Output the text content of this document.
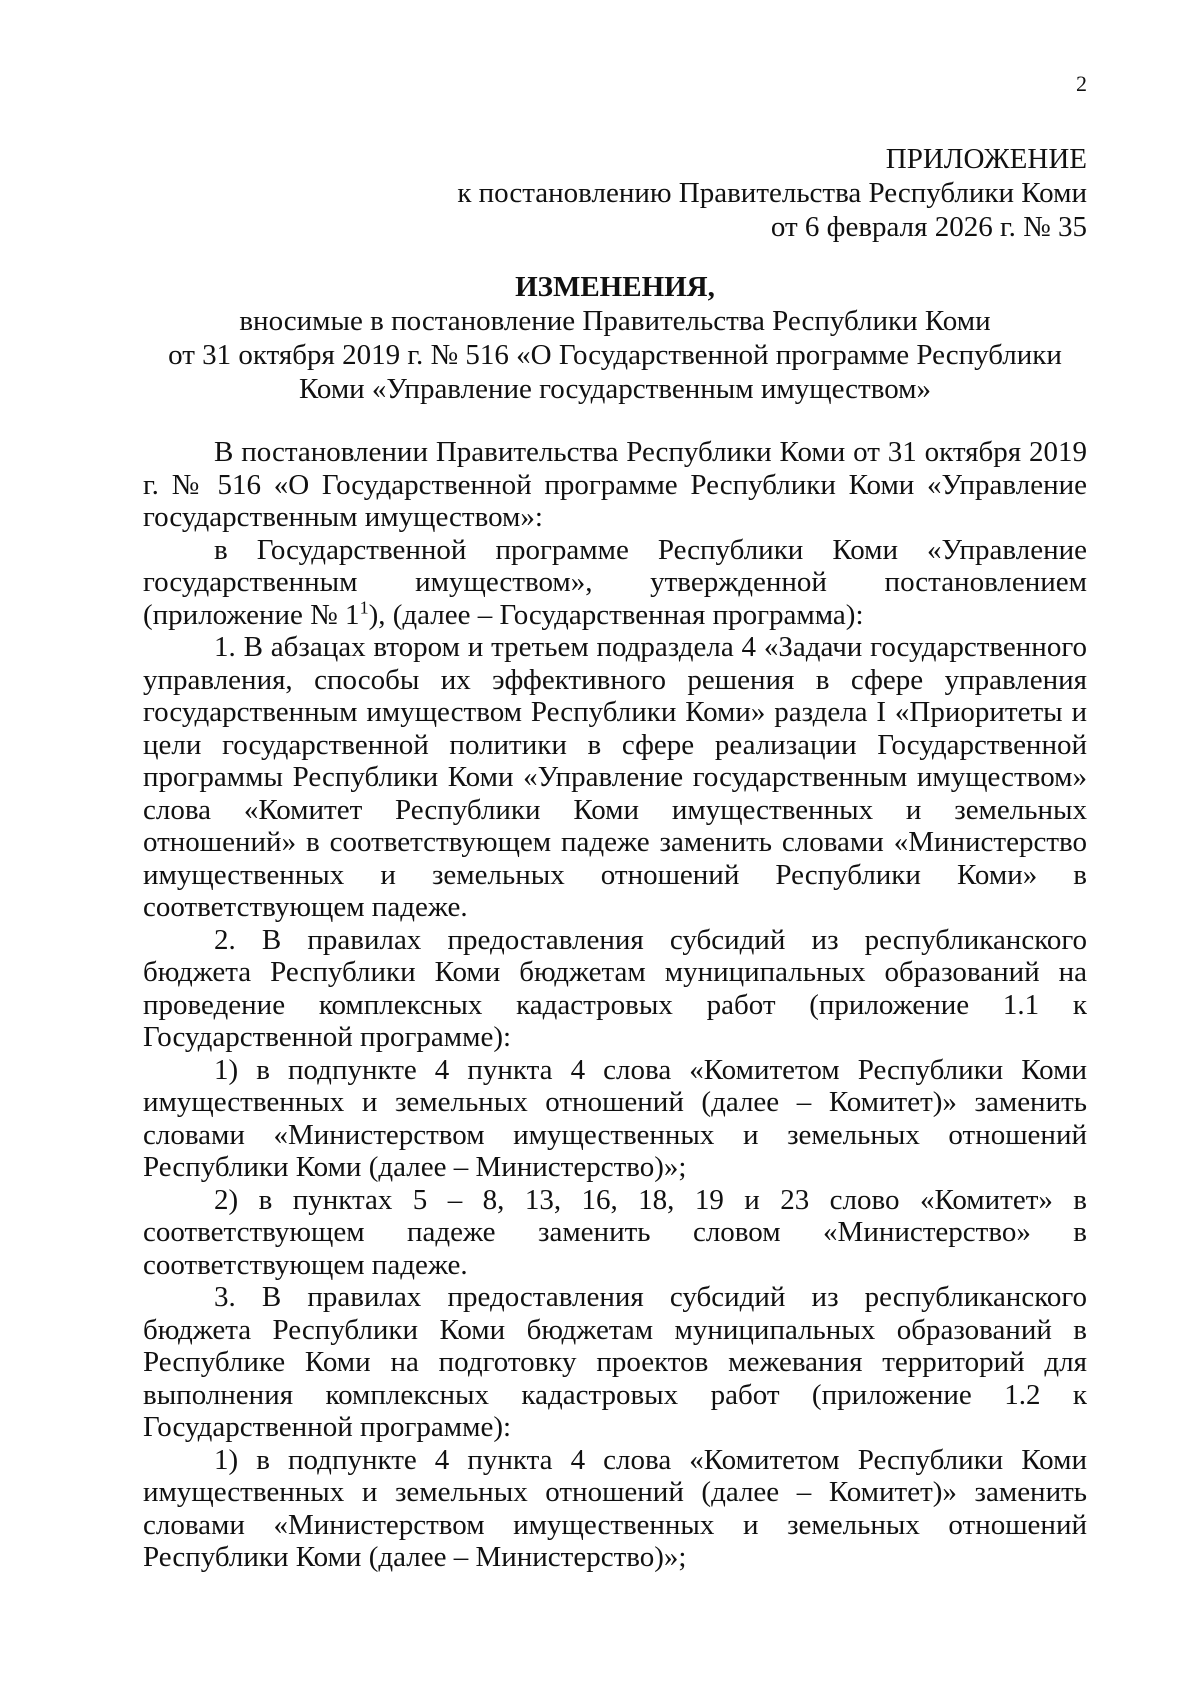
2
ПРИЛОЖЕНИЕ
к постановлению Правительства Республики Коми
от 6 февраля 2026 г. № 35
ИЗМЕНЕНИЯ,
вносимые в постановление Правительства Республики Коми
от 31 октября 2019 г. № 516 «О Государственной программе Республики
Коми «Управление государственным имуществом»

В постановлении Правительства Республики Коми от 31 октября 2019 г. № 516 «О Государственной программе Республики Коми «Управление государственным имуществом»:

в Государственной программе Республики Коми «Управление государственным имуществом», утвержденной постановлением (приложение № $1^1$), (далее – Государственная программа):

1. В абзацах втором и третьем подраздела 4 «Задачи государственного управления, способы их эффективного решения в сфере управления государственным имуществом Республики Коми» раздела I «Приоритеты и цели государственной политики в сфере реализации Государственной программы Республики Коми «Управление государственным имуществом» слова «Комитет Республики Коми имущественных и земельных отношений» в соответствующем падеже заменить словами «Министерство имущественных и земельных отношений Республики Коми» в соответствующем падеже.

2. В правилах предоставления субсидий из республиканского бюджета Республики Коми бюджетам муниципальных образований на проведение комплексных кадастровых работ (приложение 1.1 к Государственной программе):

1) в подпункте 4 пункта 4 слова «Комитетом Республики Коми имущественных и земельных отношений (далее – Комитет)» заменить словами «Министерством имущественных и земельных отношений Республики Коми (далее – Министерство)»;

2) в пунктах 5 – 8, 13, 16, 18, 19 и 23 слово «Комитет» в соответствующем падеже заменить словом «Министерство» в соответствующем падеже.

3. В правилах предоставления субсидий из республиканского бюджета Республики Коми бюджетам муниципальных образований в Республике Коми на подготовку проектов межевания территорий для выполнения комплексных кадастровых работ (приложение 1.2 к Государственной программе):

1) в подпункте 4 пункта 4 слова «Комитетом Республики Коми имущественных и земельных отношений (далее – Комитет)» заменить словами «Министерством имущественных и земельных отношений Республики Коми (далее – Министерство)»;
